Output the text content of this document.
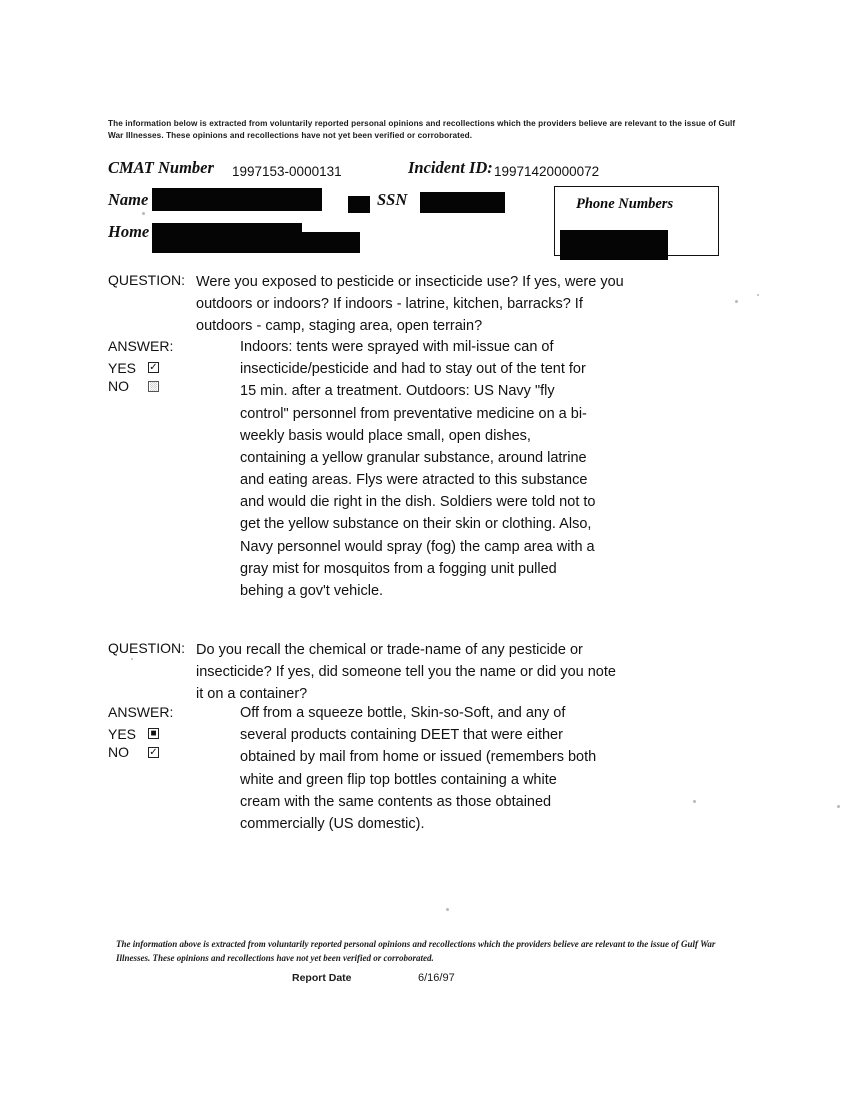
The information below is extracted from voluntarily reported personal opinions and recollections which the providers believe are relevant to the issue of Gulf War Illnesses. These opinions and recollections have not yet been verified or corroborated.
CMAT Number 1997153-0000131	Incident ID: 19971420000072
Name	SSN
Home
Phone Numbers
QUESTION: Were you exposed to pesticide or insecticide use? If yes, were you outdoors or indoors? If indoors - latrine, kitchen, barracks? If outdoors - camp, staging area, open terrain?
ANSWER:
YES ✓
NO ░
Indoors: tents were sprayed with mil-issue can of insecticide/pesticide and had to stay out of the tent for 15 min. after a treatment. Outdoors: US Navy "fly control" personnel from preventative medicine on a bi-weekly basis would place small, open dishes, containing a yellow granular substance, around latrine and eating areas. Flys were atracted to this substance and would die right in the dish. Soldiers were told not to get the yellow substance on their skin or clothing. Also, Navy personnel would spray (fog) the camp area with a gray mist for mosquitos from a fogging unit pulled behing a gov't vehicle.
QUESTION: Do you recall the chemical or trade-name of any pesticide or insecticide? If yes, did someone tell you the name or did you note it on a container?
ANSWER:
YES ■
NO ✓
Off from a squeeze bottle, Skin-so-Soft, and any of several products containing DEET that were either obtained by mail from home or issued (remembers both white and green flip top bottles containing a white cream with the same contents as those obtained commercially (US domestic).
The information above is extracted from voluntarily reported personal opinions and recollections which the providers believe are relevant to the issue of Gulf War Illnesses. These opinions and recollections have not yet been verified or corroborated.
Report Date	6/16/97
